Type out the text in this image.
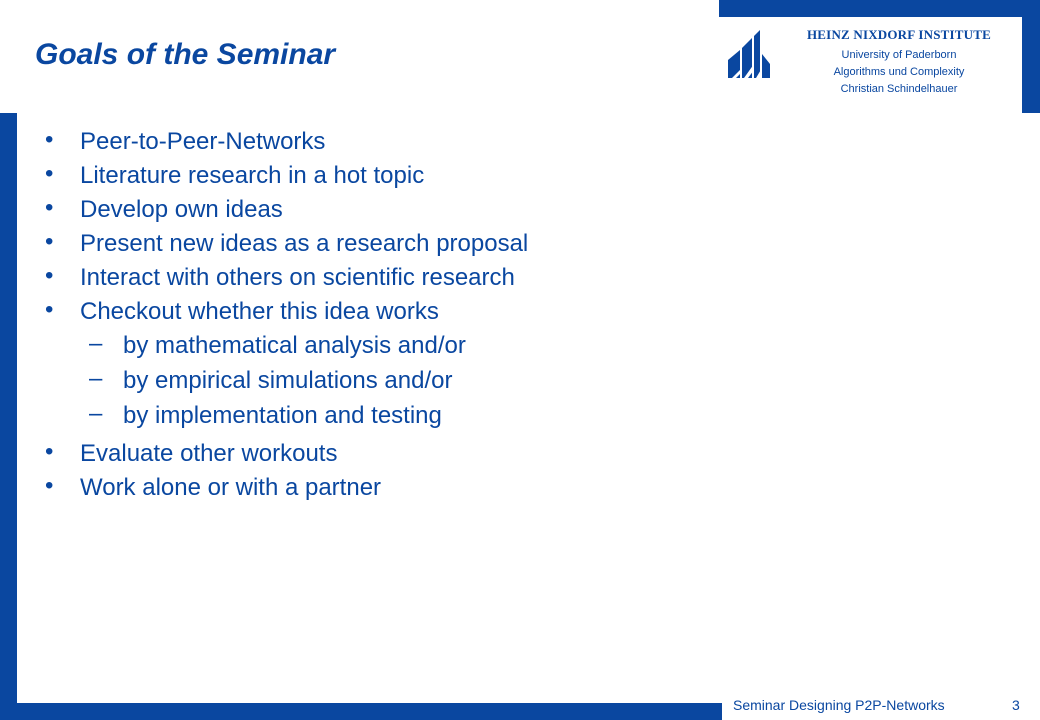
Goals of the Seminar
HEINZ NIXDORF INSTITUTE
University of Paderborn
Algorithms und Complexity
Christian Schindelhauer
• Peer-to-Peer-Networks
• Literature research in a hot topic
• Develop own ideas
• Present new ideas as a research proposal
• Interact with others on scientific research
• Checkout whether this idea works
– by mathematical analysis and/or
– by empirical simulations and/or
– by implementation and testing
• Evaluate other workouts
• Work alone or with a partner
Seminar Designing P2P-Networks	3
